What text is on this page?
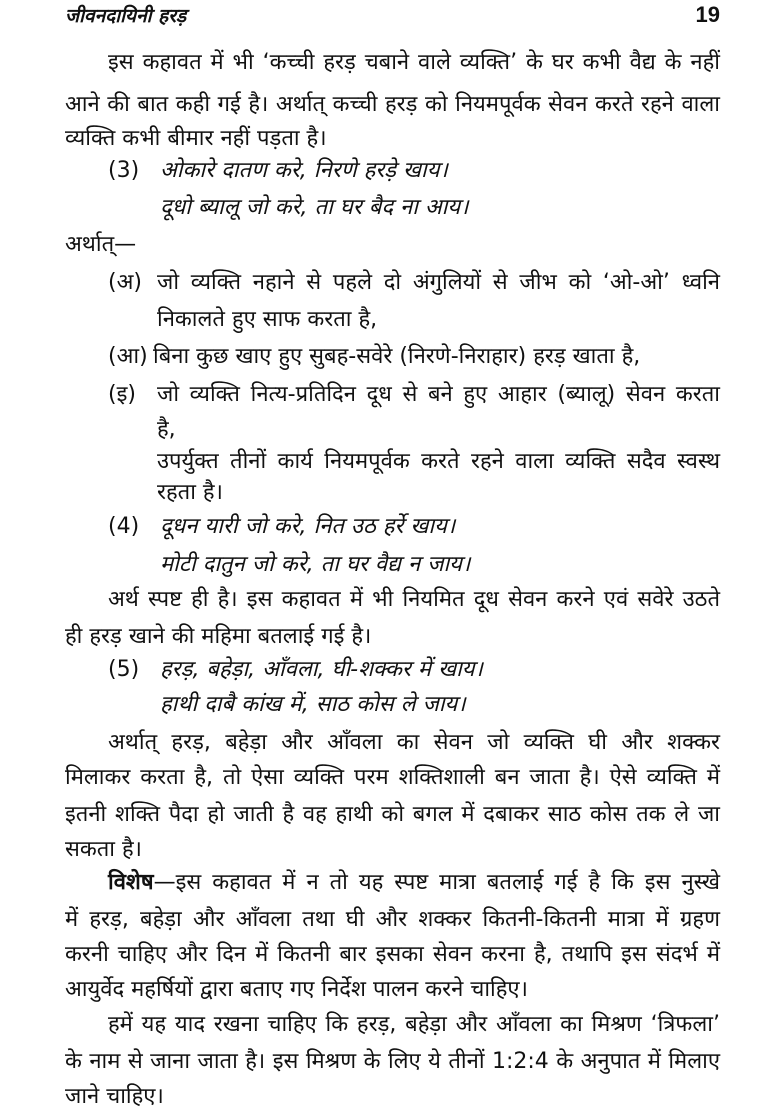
जीवनदायिनी हरड़	19
इस कहावत में भी ‘कच्ची हरड़ चबाने वाले व्यक्ति’ के घर कभी वैद्य के नहीं
आने की बात कही गई है। अर्थात् कच्ची हरड़ को नियमपूर्वक सेवन करते रहने वाला
व्यक्ति कभी बीमार नहीं पड़ता है।
(3) ओकारे दातण करे, निरणे हरड़े खाय।
दूधो ब्यालू जो करे, ता घर बैद ना आय।
अर्थात्—
(अ) जो व्यक्ति नहाने से पहले दो अंगुलियों से जीभ को ‘ओ-ओ’ ध्वनि
निकालते हुए साफ करता है,
(आ) बिना कुछ खाए हुए सुबह-सवेरे (निरणे-निराहार) हरड़ खाता है,
(इ) जो व्यक्ति नित्य-प्रतिदिन दूध से बने हुए आहार (ब्यालू) सेवन करता
है,
उपर्युक्त तीनों कार्य नियमपूर्वक करते रहने वाला व्यक्ति सदैव स्वस्थ
रहता है।
(4) दूधन यारी जो करे, नित उठ हर्रे खाय।
मोटी दातुन जो करे, ता घर वैद्य न जाय।
अर्थ स्पष्ट ही है। इस कहावत में भी नियमित दूध सेवन करने एवं सवेरे उठते
ही हरड़ खाने की महिमा बतलाई गई है।
(5) हरड़, बहेड़ा, आँवला, घी-शक्कर में खाय।
हाथी दाबै कांख में, साठ कोस ले जाय।
अर्थात् हरड़, बहेड़ा और आँवला का सेवन जो व्यक्ति घी और शक्कर
मिलाकर करता है, तो ऐसा व्यक्ति परम शक्तिशाली बन जाता है। ऐसे व्यक्ति में
इतनी शक्ति पैदा हो जाती है वह हाथी को बगल में दबाकर साठ कोस तक ले जा
सकता है।
विशेष —इस कहावत में न तो यह स्पष्ट मात्रा बतलाई गई है कि इस नुस्खे
में हरड़, बहेड़ा और आँवला तथा घी और शक्कर कितनी-कितनी मात्रा में ग्रहण
करनी चाहिए और दिन में कितनी बार इसका सेवन करना है, तथापि इस संदर्भ में
आयुर्वेद महर्षियों द्वारा बताए गए निर्देश पालन करने चाहिए।
हमें यह याद रखना चाहिए कि हरड़, बहेड़ा और आँवला का मिश्रण ‘त्रिफला’
के नाम से जाना जाता है। इस मिश्रण के लिए ये तीनों 1:2:4 के अनुपात में मिलाए
जाने चाहिए।
